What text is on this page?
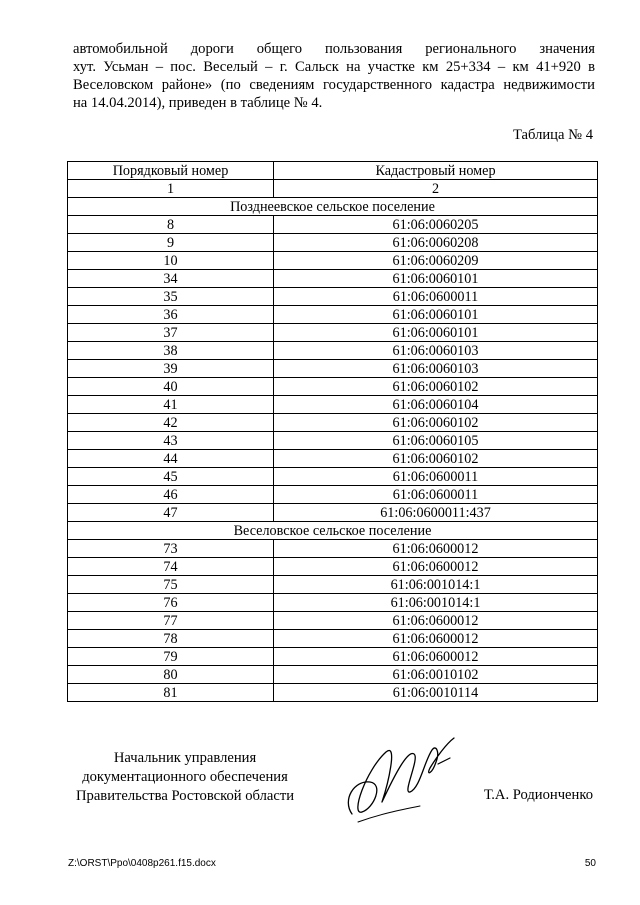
автомобильной дороги общего пользования регионального значения
хут. Усьман – пос. Веселый – г. Сальск на участке км 25+334 – км 41+920 в
Веселовском районе» (по сведениям государственного кадастра недвижимости
на 14.04.2014), приведен в таблице № 4.
Таблица № 4
Порядковый номер	Кадастровый номер
1	2
Позднеевское сельское поселение	
8	61:06:0060205
9	61:06:0060208
10	61:06:0060209
34	61:06:0060101
35	61:06:0600011
36	61:06:0060101
37	61:06:0060101
38	61:06:0060103
39	61:06:0060103
40	61:06:0060102
41	61:06:0060104
42	61:06:0060102
43	61:06:0060105
44	61:06:0060102
45	61:06:0600011
46	61:06:0600011
47	61:06:0600011:437
Веселовское сельское поселение	
73	61:06:0600012
74	61:06:0600012
75	61:06:001014:1
76	61:06:001014:1
77	61:06:0600012
78	61:06:0600012
79	61:06:0600012
80	61:06:0010102
81	61:06:0010114
Начальник управления
документационного обеспечения
Правительства Ростовской области	Т.А. Родионченко
Z:\ORST\Ppo\0408p261.f15.docx	50
